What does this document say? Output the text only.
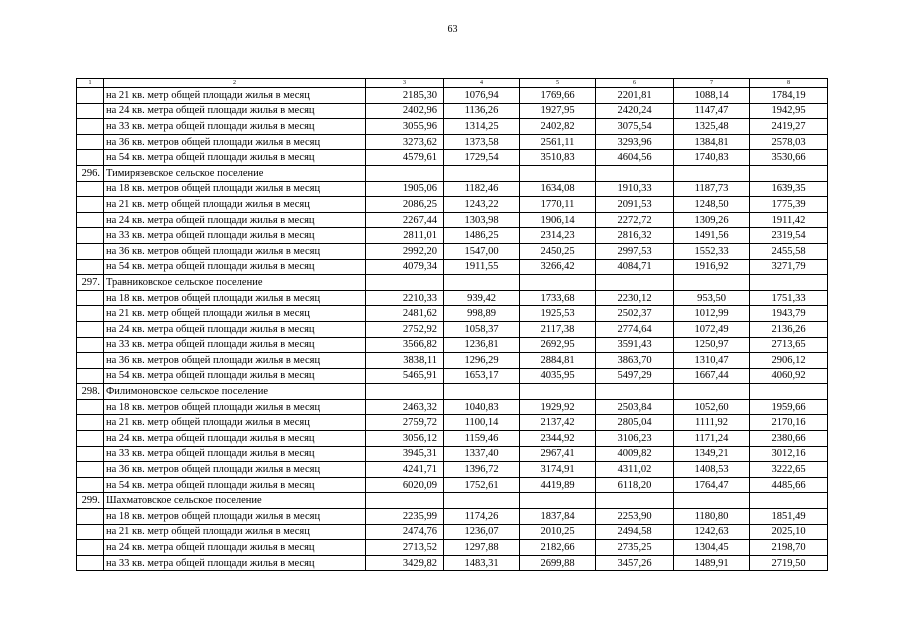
63
1	2	3	4	5	6	7	8
	на 21 кв. метр общей площади жилья в месяц	2185,30	1076,94	1769,66	2201,81	1088,14	1784,19
	на 24 кв. метра общей площади жилья в месяц	2402,96	1136,26	1927,95	2420,24	1147,47	1942,95
	на 33 кв. метра общей площади жилья в месяц	3055,96	1314,25	2402,82	3075,54	1325,48	2419,27
	на 36 кв. метров общей площади жилья в месяц	3273,62	1373,58	2561,11	3293,96	1384,81	2578,03
	на 54 кв. метра общей площади жилья в месяц	4579,61	1729,54	3510,83	4604,56	1740,83	3530,66
296.	Тимирязевское сельское поселение						
	на 18 кв. метров общей площади жилья в месяц	1905,06	1182,46	1634,08	1910,33	1187,73	1639,35
	на 21 кв. метр общей площади жилья в месяц	2086,25	1243,22	1770,11	2091,53	1248,50	1775,39
	на 24 кв. метра общей площади жилья в месяц	2267,44	1303,98	1906,14	2272,72	1309,26	1911,42
	на 33 кв. метра общей площади жилья в месяц	2811,01	1486,25	2314,23	2816,32	1491,56	2319,54
	на 36 кв. метров общей площади жилья в месяц	2992,20	1547,00	2450,25	2997,53	1552,33	2455,58
	на 54 кв. метра общей площади жилья в месяц	4079,34	1911,55	3266,42	4084,71	1916,92	3271,79
297.	Травниковское сельское поселение						
	на 18 кв. метров общей площади жилья в месяц	2210,33	939,42	1733,68	2230,12	953,50	1751,33
	на 21 кв. метр общей площади жилья в месяц	2481,62	998,89	1925,53	2502,37	1012,99	1943,79
	на 24 кв. метра общей площади жилья в месяц	2752,92	1058,37	2117,38	2774,64	1072,49	2136,26
	на 33 кв. метра общей площади жилья в месяц	3566,82	1236,81	2692,95	3591,43	1250,97	2713,65
	на 36 кв. метров общей площади жилья в месяц	3838,11	1296,29	2884,81	3863,70	1310,47	2906,12
	на 54 кв. метра общей площади жилья в месяц	5465,91	1653,17	4035,95	5497,29	1667,44	4060,92
298.	Филимоновское сельское поселение						
	на 18 кв. метров общей площади жилья в месяц	2463,32	1040,83	1929,92	2503,84	1052,60	1959,66
	на 21 кв. метр общей площади жилья в месяц	2759,72	1100,14	2137,42	2805,04	1111,92	2170,16
	на 24 кв. метра общей площади жилья в месяц	3056,12	1159,46	2344,92	3106,23	1171,24	2380,66
	на 33 кв. метра общей площади жилья в месяц	3945,31	1337,40	2967,41	4009,82	1349,21	3012,16
	на 36 кв. метров общей площади жилья в месяц	4241,71	1396,72	3174,91	4311,02	1408,53	3222,65
	на 54 кв. метра общей площади жилья в месяц	6020,09	1752,61	4419,89	6118,20	1764,47	4485,66
299.	Шахматовское сельское поселение						
	на 18 кв. метров общей площади жилья в месяц	2235,99	1174,26	1837,84	2253,90	1180,80	1851,49
	на 21 кв. метр общей площади жилья в месяц	2474,76	1236,07	2010,25	2494,58	1242,63	2025,10
	на 24 кв. метра общей площади жилья в месяц	2713,52	1297,88	2182,66	2735,25	1304,45	2198,70
	на 33 кв. метра общей площади жилья в месяц	3429,82	1483,31	2699,88	3457,26	1489,91	2719,50
